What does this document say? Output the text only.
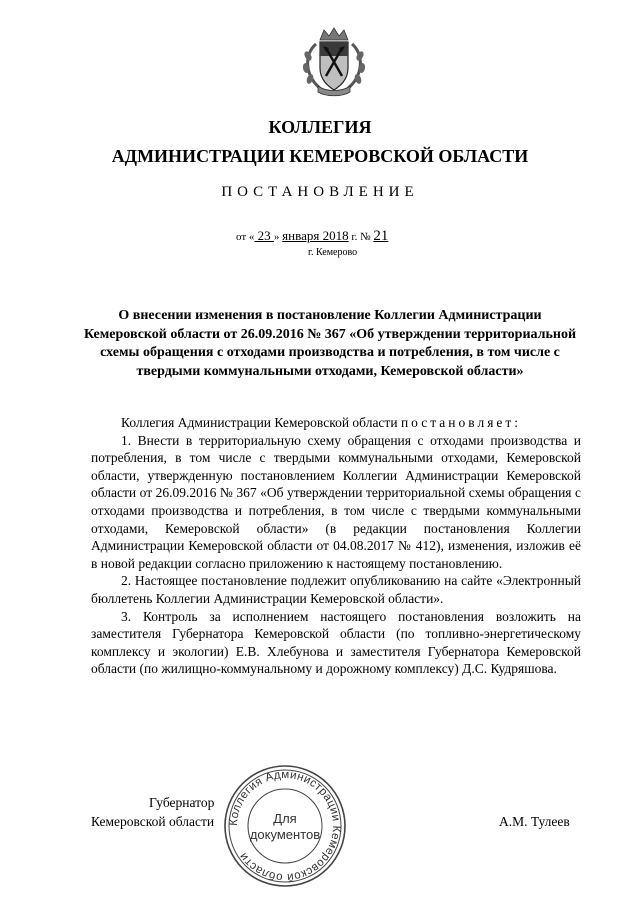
КОЛЛЕГИЯ
АДМИНИСТРАЦИИ КЕМЕРОВСКОЙ ОБЛАСТИ
ПОСТАНОВЛЕНИЕ
от « 23 » января 2018 г. № 21
г. Кемерово
О внесении изменения в постановление Коллегии Администрации Кемеровской области от 26.09.2016 № 367 «Об утверждении территориальной схемы обращения с отходами производства и потребления, в том числе с твердыми коммунальными отходами, Кемеровской области»

Коллегия Администрации Кемеровской области постановляет:

1. Внести в территориальную схему обращения с отходами производства и потребления, в том числе с твердыми коммунальными отходами, Кемеровской области, утвержденную постановлением Коллегии Администрации Кемеровской области от 26.09.2016 № 367 «Об утверждении территориальной схемы обращения с отходами производства и потребления, в том числе с твердыми коммунальными отходами, Кемеровской области» (в редакции постановления Коллегии Администрации Кемеровской области от 04.08.2017 № 412), изменения, изложив её в новой редакции согласно приложению к настоящему постановлению.

2. Настоящее постановление подлежит опубликованию на сайте «Электронный бюллетень Коллегии Администрации Кемеровской области».

3. Контроль за исполнением настоящего постановления возложить на заместителя Губернатора Кемеровской области (по топливно-энергетическому комплексу и экологии) Е.В. Хлебунова и заместителя Губернатора Кемеровской области (по жилищно-коммунальному и дорожному комплексу) Д.С. Кудряшова.

Губернатор
Кемеровской области	А.М. Тулеев
Коллегия Администрации Кемеровской области
Для
документов
